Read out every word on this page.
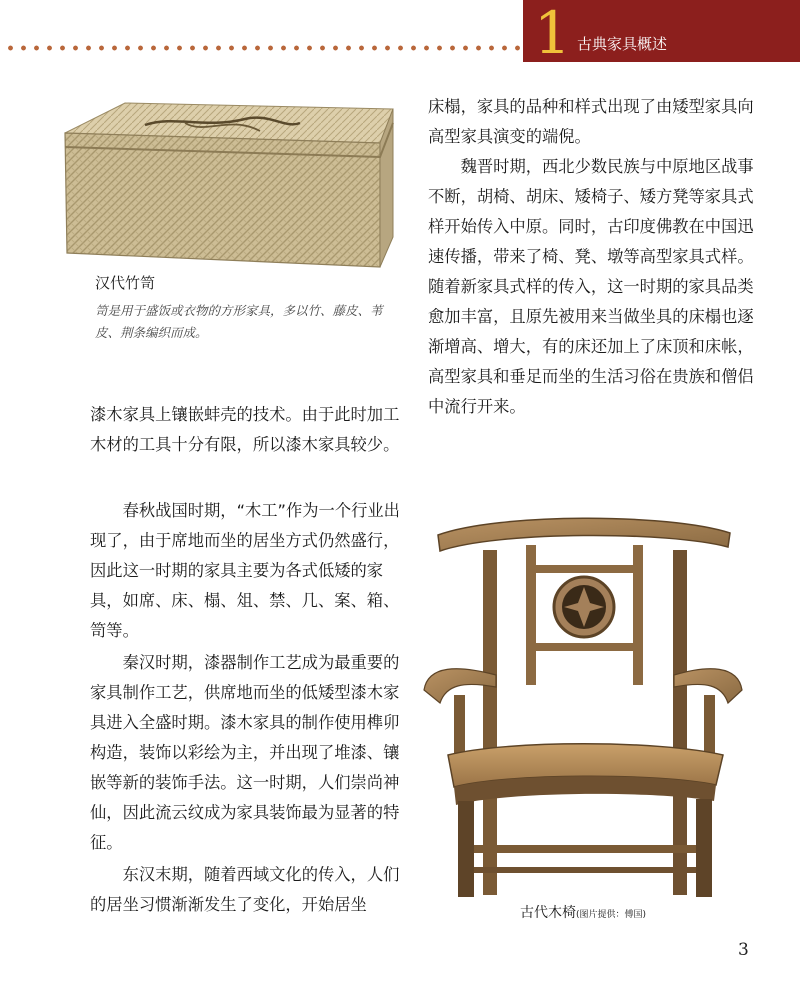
1 古典家具概述
汉代竹笥
笥是用于盛饭或衣物的方形家具，多以竹、藤皮、苇皮、荆条编织而成。

漆木家具上镶嵌蚌壳的技术。由于此时加工木材的工具十分有限，所以漆木家具较少。

春秋战国时期，“木工”作为一个行业出现了，由于席地而坐的居坐方式仍然盛行，因此这一时期的家具主要为各式低矮的家具，如席、床、榻、俎、禁、几、案、箱、笥等。

秦汉时期，漆器制作工艺成为最重要的家具制作工艺，供席地而坐的低矮型漆木家具进入全盛时期。漆木家具的制作使用榫卯构造，装饰以彩绘为主，并出现了堆漆、镶嵌等新的装饰手法。这一时期，人们崇尚神仙，因此流云纹成为家具装饰最为显著的特征。

东汉末期，随着西域文化的传入，人们的居坐习惯渐渐发生了变化，开始居坐

床榻，家具的品种和样式出现了由矮型家具向高型家具演变的端倪。

魏晋时期，西北少数民族与中原地区战事不断，胡椅、胡床、矮椅子、矮方凳等家具式样开始传入中原。同时，古印度佛教在中国迅速传播，带来了椅、凳、墩等高型家具式样。随着新家具式样的传入，这一时期的家具品类愈加丰富，且原先被用来当做坐具的床榻也逐渐增高、增大，有的床还加上了床顶和床帐，高型家具和垂足而坐的生活习俗在贵族和僧侣中流行开来。

古代木椅(图片提供：傅国)
3
